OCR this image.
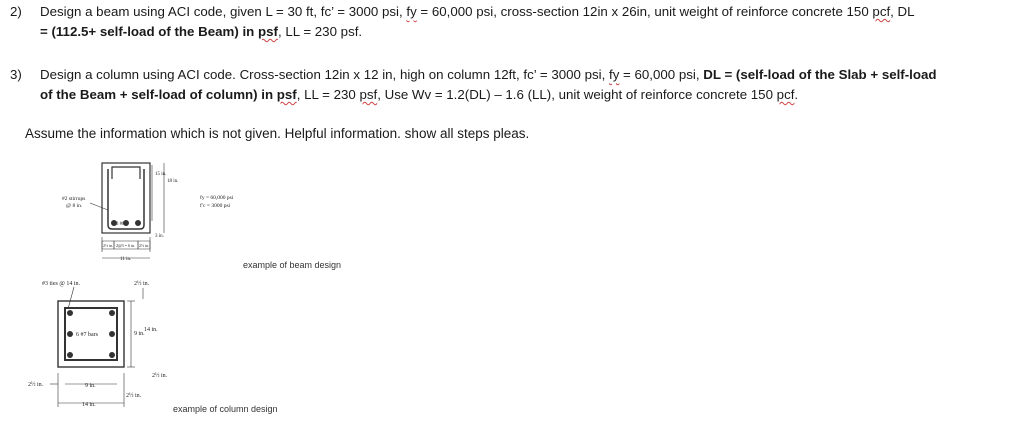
2) Design a beam using ACI code, given L = 30 ft, fc’ = 3000 psi, fy = 60,000 psi, cross-section 12in x 26in, unit weight of reinforce concrete 150 pcf, DL
= (112.5+ self-load of the Beam) in psf, LL = 230 psf.
3) Design a column using ACI code. Cross-section 12in x 12 in, high on column 12ft, fc’ = 3000 psi, fy = 60,000 psi, DL = (self-load of the Slab + self-load
of the Beam + self-load of column) in psf, LL = 230 psf, Use Wv = 1.2(DL) – 1.6 (LL), unit weight of reinforce concrete 150 pcf.
Assume the information which is not given. Helpful information. show all steps pleas.
#2 stirrups
@ 8 in.
3 #8
15 in.
18 in.
3 in.
2½ in. 2@3 = 6 in. 2½ in.
11 in.
fy = 60,000 psi
f′c = 3000 psi
example of beam design
#3 ties @ 14 in.	2½ in.
6 #7 bars
14 in.
9 in.
2½ in.
2½ in.
2½ in.	9 in.
14 in.	example of column design
